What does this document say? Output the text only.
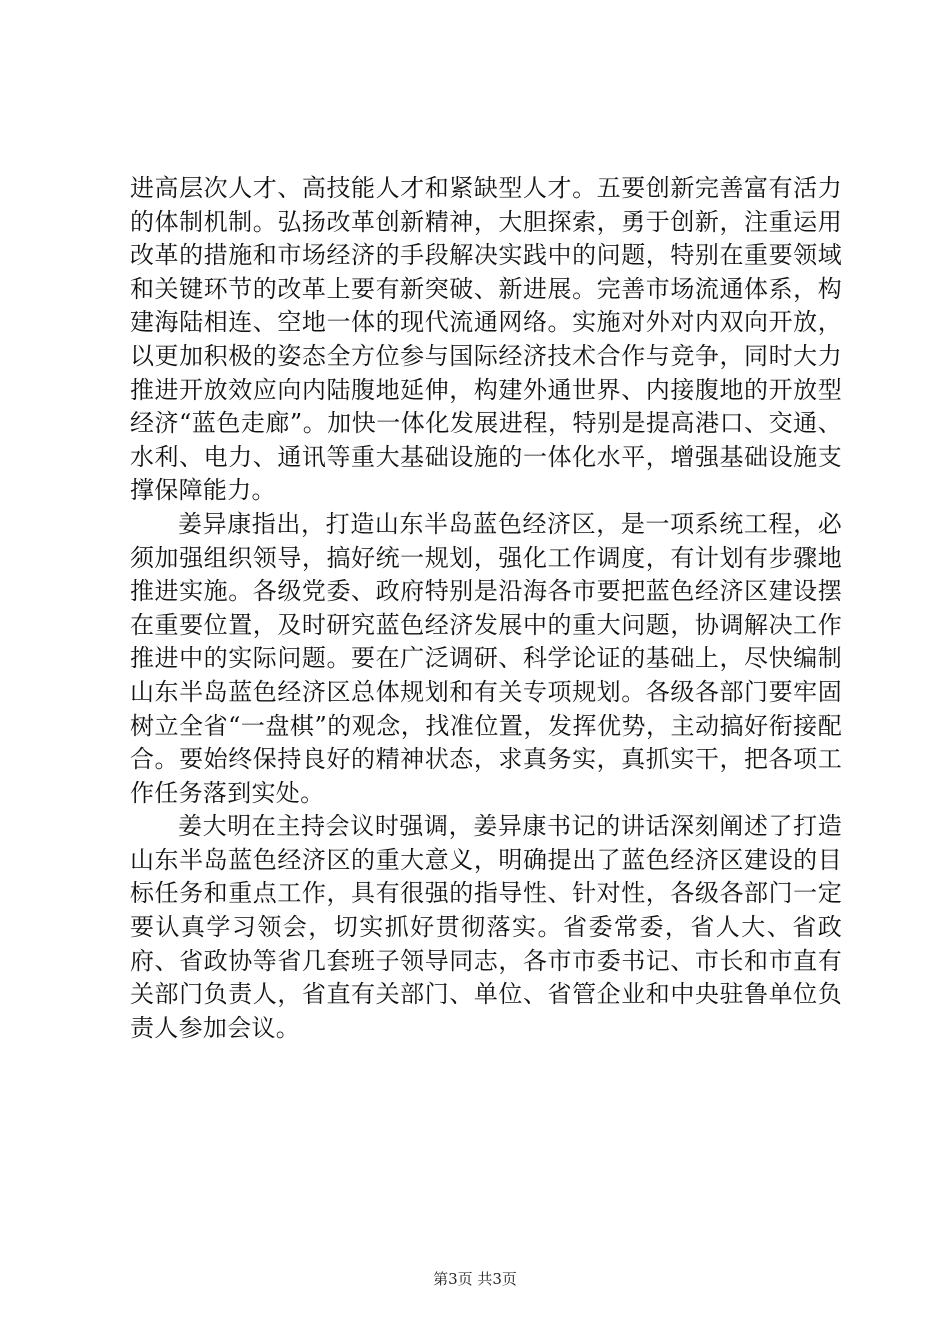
进高层次人才、高技能人才和紧缺型人才。五要创新完善富有活力的体制机制。弘扬改革创新精神，大胆探索，勇于创新，注重运用改革的措施和市场经济的手段解决实践中的问题，特别在重要领域和关键环节的改革上要有新突破、新进展。完善市场流通体系，构建海陆相连、空地一体的现代流通网络。实施对外对内双向开放，以更加积极的姿态全方位参与国际经济技术合作与竞争，同时大力推进开放效应向内陆腹地延伸，构建外通世界、内接腹地的开放型经济“蓝色走廊”。加快一体化发展进程，特别是提高港口、交通、水利、电力、通讯等重大基础设施的一体化水平，增强基础设施支撑保障能力。

姜异康指出，打造山东半岛蓝色经济区，是一项系统工程，必须加强组织领导，搞好统一规划，强化工作调度，有计划有步骤地推进实施。各级党委、政府特别是沿海各市要把蓝色经济区建设摆在重要位置，及时研究蓝色经济发展中的重大问题，协调解决工作推进中的实际问题。要在广泛调研、科学论证的基础上，尽快编制山东半岛蓝色经济区总体规划和有关专项规划。各级各部门要牢固树立全省“一盘棋”的观念，找准位置，发挥优势，主动搞好衔接配合。要始终保持良好的精神状态，求真务实，真抓实干，把各项工作任务落到实处。

姜大明在主持会议时强调，姜异康书记的讲话深刻阐述了打造山东半岛蓝色经济区的重大意义，明确提出了蓝色经济区建设的目标任务和重点工作，具有很强的指导性、针对性，各级各部门一定要认真学习领会，切实抓好贯彻落实。省委常委，省人大、省政府、省政协等省几套班子领导同志，各市市委书记、市长和市直有关部门负责人，省直有关部门、单位、省管企业和中央驻鲁单位负责人参加会议。

第3页 共3页
